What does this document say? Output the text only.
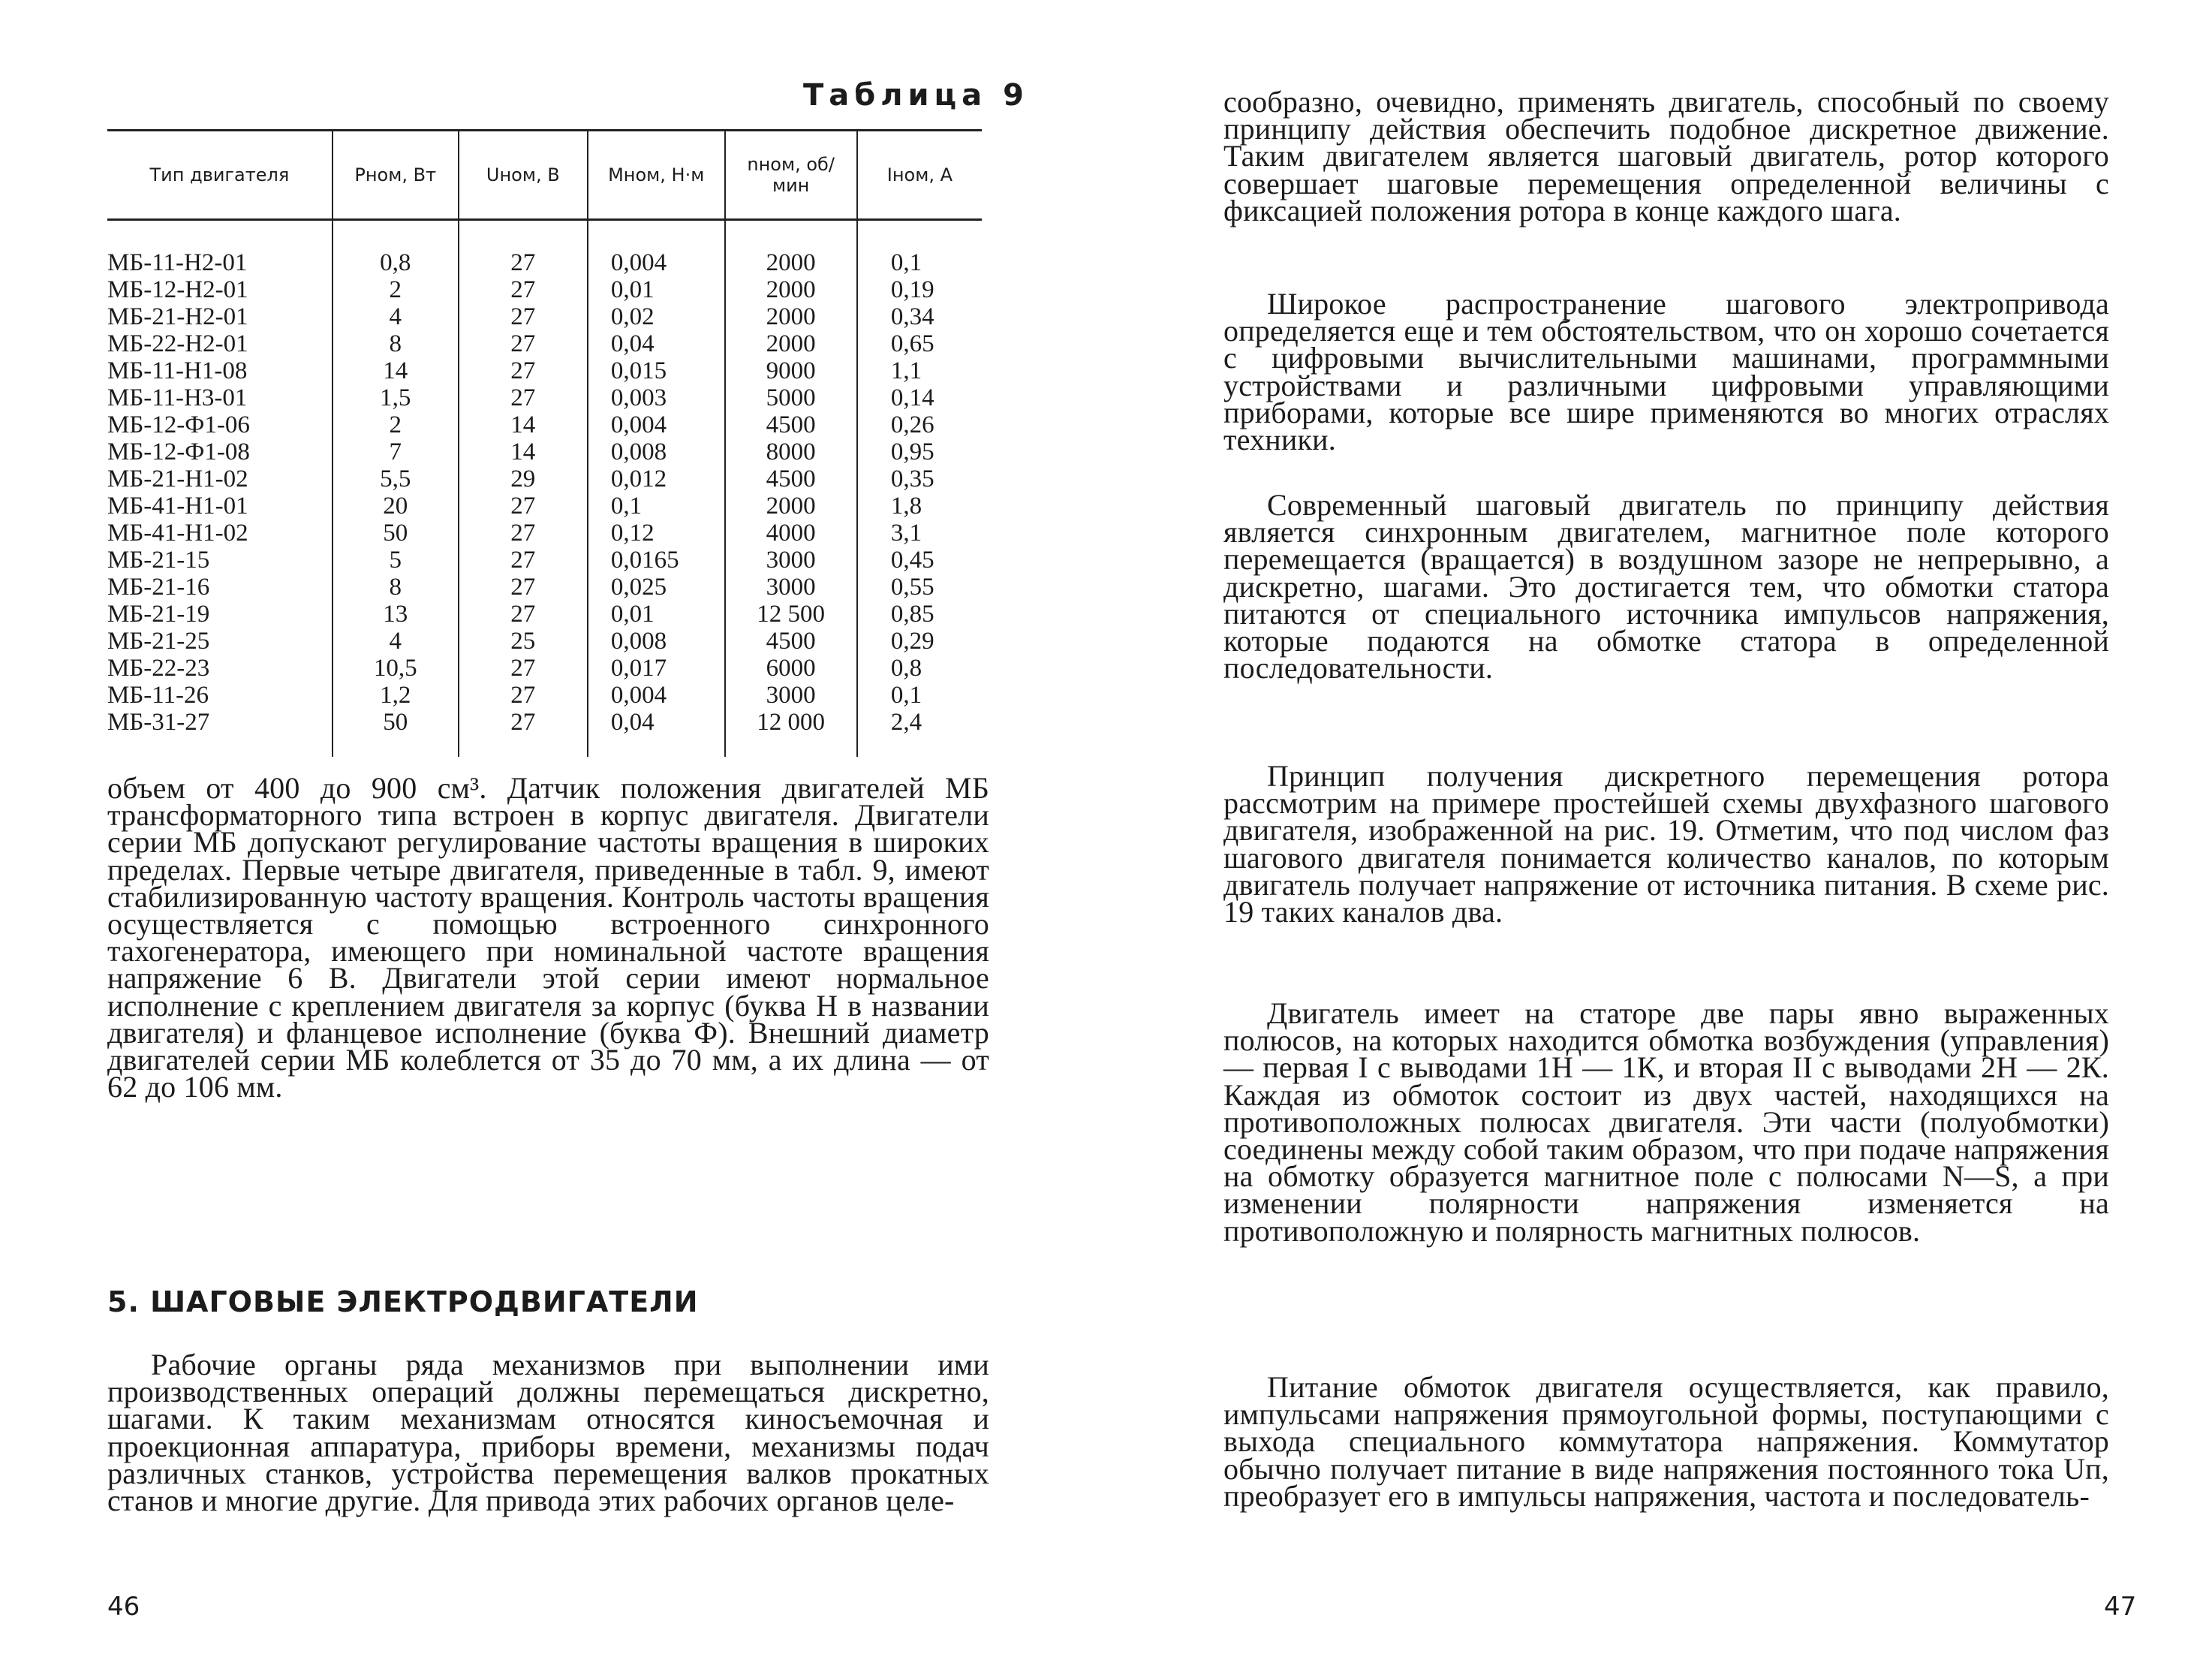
Таблица 9
Тип двигателя	Pном, Вт	Uном, В	Mном, Н·м	nном, об/мин	Iном, А
МБ-11-Н2-01	0,8	27	0,004	2000	0,1
МБ-12-Н2-01	2	27	0,01	2000	0,19
МБ-21-Н2-01	4	27	0,02	2000	0,34
МБ-22-Н2-01	8	27	0,04	2000	0,65
МБ-11-Н1-08	14	27	0,015	9000	1,1
МБ-11-Н3-01	1,5	27	0,003	5000	0,14
МБ-12-Ф1-06	2	14	0,004	4500	0,26
МБ-12-Ф1-08	7	14	0,008	8000	0,95
МБ-21-Н1-02	5,5	29	0,012	4500	0,35
МБ-41-Н1-01	20	27	0,1	2000	1,8
МБ-41-Н1-02	50	27	0,12	4000	3,1
МБ-21-15	5	27	0,0165	3000	0,45
МБ-21-16	8	27	0,025	3000	0,55
МБ-21-19	13	27	0,01	12 500	0,85
МБ-21-25	4	25	0,008	4500	0,29
МБ-22-23	10,5	27	0,017	6000	0,8
МБ-11-26	1,2	27	0,004	3000	0,1
МБ-31-27	50	27	0,04	12 000	2,4

объем от 400 до 900 см³. Датчик положения двигателей МБ трансформаторного типа встроен в корпус двигателя. Двигатели серии МБ допускают регулирование частоты вращения в широких пределах. Первые четыре двигателя, приведенные в табл. 9, имеют стабилизированную частоту вращения. Контроль частоты вращения осуществляется с помощью встроенного синхронного тахогенератора, имеющего при номинальной частоте вращения напряжение 6 В. Двигатели этой серии имеют нормальное исполнение с креплением двигателя за корпус (буква Н в названии двигателя) и фланцевое исполнение (буква Ф). Внешний диаметр двигателей серии МБ колеблется от 35 до 70 мм, а их длина — от 62 до 106 мм.

5. ШАГОВЫЕ ЭЛЕКТРОДВИГАТЕЛИ

Рабочие органы ряда механизмов при выполнении ими производственных операций должны перемещаться дискретно, шагами. К таким механизмам относятся киносъемочная и проекционная аппаратура, приборы времени, механизмы подач различных станков, устройства перемещения валков прокатных станов и многие другие. Для привода этих рабочих органов целе-

46

сообразно, очевидно, применять двигатель, способный по своему принципу действия обеспечить подобное дискретное движение. Таким двигателем является шаговый двигатель, ротор которого совершает шаговые перемещения определенной величины с фиксацией положения ротора в конце каждого шага.

Широкое распространение шагового электропривода определяется еще и тем обстоятельством, что он хорошо сочетается с цифровыми вычислительными машинами, программными устройствами и различными цифровыми управляющими приборами, которые все шире применяются во многих отраслях техники.

Современный шаговый двигатель по принципу действия является синхронным двигателем, магнитное поле которого перемещается (вращается) в воздушном зазоре не непрерывно, а дискретно, шагами. Это достигается тем, что обмотки статора питаются от специального источника импульсов напряжения, которые подаются на обмотке статора в определенной последовательности.

Принцип получения дискретного перемещения ротора рассмотрим на примере простейшей схемы двухфазного шагового двигателя, изображенной на рис. 19. Отметим, что под числом фаз шагового двигателя понимается количество каналов, по которым двигатель получает напряжение от источника питания. В схеме рис. 19 таких каналов два.

Двигатель имеет на статоре две пары явно выраженных полюсов, на которых находится обмотка возбуждения (управления) — первая I с выводами 1Н — 1К, и вторая II с выводами 2Н — 2К. Каждая из обмоток состоит из двух частей, находящихся на противоположных полюсах двигателя. Эти части (полуобмотки) соединены между собой таким образом, что при подаче напряжения на обмотку образуется магнитное поле с полюсами N—S, а при изменении полярности напряжения изменяется на противоположную и полярность магнитных полюсов.

Питание обмоток двигателя осуществляется, как правило, импульсами напряжения прямоугольной формы, поступающими с выхода специального коммутатора напряжения. Коммутатор обычно получает питание в виде напряжения постоянного тока Uп, преобразует его в импульсы напряжения, частота и последователь-

47
